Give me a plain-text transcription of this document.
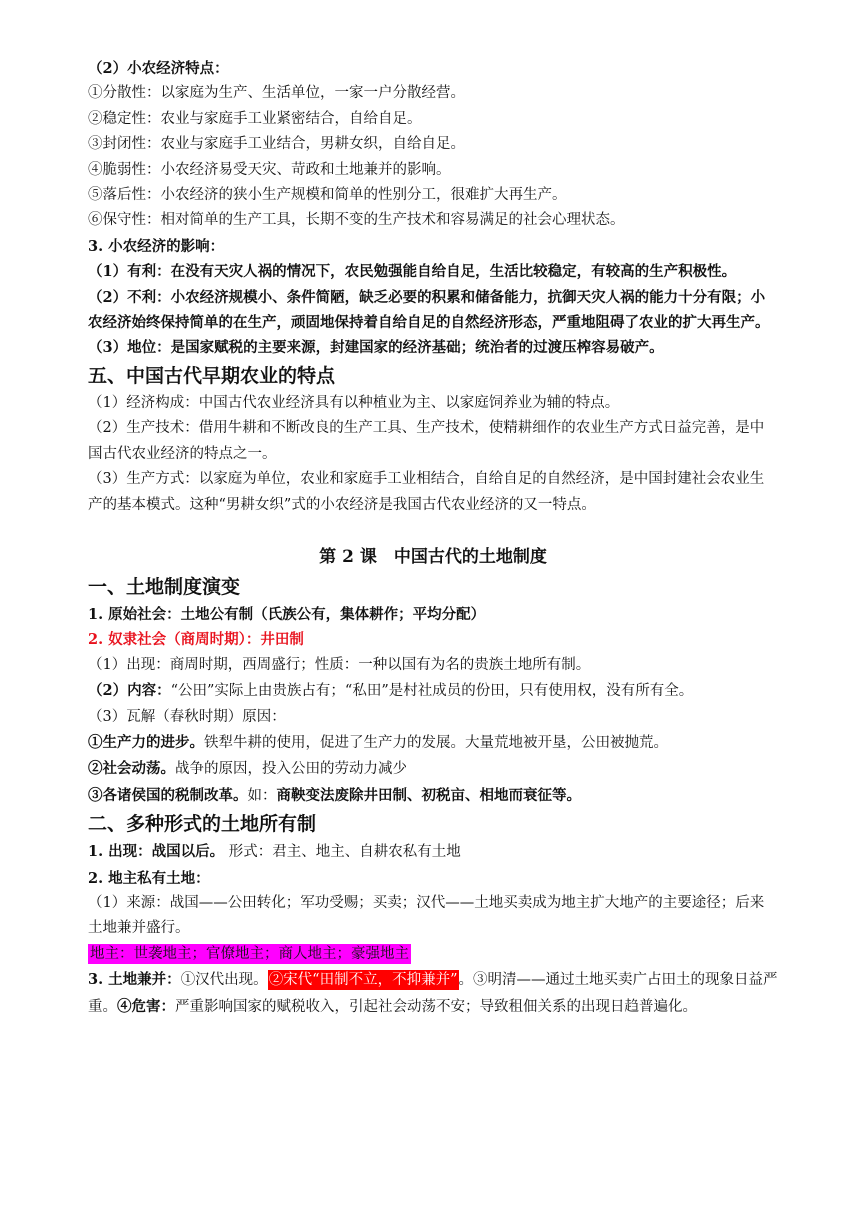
（2）小农经济特点：

①分散性：以家庭为生产、生活单位，一家一户分散经营。

②稳定性：农业与家庭手工业紧密结合，自给自足。

③封闭性：农业与家庭手工业结合，男耕女织，自给自足。

④脆弱性：小农经济易受天灾、苛政和土地兼并的影响。

⑤落后性：小农经济的狭小生产规模和简单的性别分工，很难扩大再生产。

⑥保守性：相对简单的生产工具，长期不变的生产技术和容易满足的社会心理状态。

3. 小农经济的影响：

（1）有利：在没有天灾人祸的情况下，农民勉强能自给自足，生活比较稳定，有较高的生产积极性。

（2）不利：小农经济规模小、条件简陋，缺乏必要的积累和储备能力，抗御天灾人祸的能力十分有限；小农经济始终保持简单的在生产，顽固地保持着自给自足的自然经济形态，严重地阻碍了农业的扩大再生产。

（3）地位：是国家赋税的主要来源，封建国家的经济基础；统治者的过渡压榨容易破产。

五、中国古代早期农业的特点

（1）经济构成：中国古代农业经济具有以种植业为主、以家庭饲养业为辅的特点。

（2）生产技术：借用牛耕和不断改良的生产工具、生产技术，使精耕细作的农业生产方式日益完善，是中国古代农业经济的特点之一。

（3）生产方式：以家庭为单位，农业和家庭手工业相结合，自给自足的自然经济，是中国封建社会农业生产的基本模式。这种“男耕女织”式的小农经济是我国古代农业经济的又一特点。

第 2 课　中国古代的土地制度

一、土地制度演变

1. 原始社会：土地公有制（氏族公有，集体耕作；平均分配）

2. 奴隶社会（商周时期）：井田制

（1）出现：商周时期，西周盛行；性质：一种以国有为名的贵族土地所有制。

（2）内容：“公田”实际上由贵族占有；“私田”是村社成员的份田，只有使用权，没有所有全。

（3）瓦解（春秋时期）原因：

①生产力的进步。铁犁牛耕的使用，促进了生产力的发展。大量荒地被开垦，公田被抛荒。

②社会动荡。战争的原因，投入公田的劳动力减少

③各诸侯国的税制改革。如：商鞅变法废除井田制、初税亩、相地而衰征等。

二、多种形式的土地所有制

1. 出现：战国以后。 形式：君主、地主、自耕农私有土地

2. 地主私有土地：

（1）来源：战国——公田转化；军功受赐；买卖；汉代——土地买卖成为地主扩大地产的主要途径；后来土地兼并盛行。

地主：世袭地主；官僚地主；商人地主；豪强地主

3. 土地兼并：①汉代出现。②宋代“田制不立，不抑兼并”。③明清——通过土地买卖广占田土的现象日益严重。④危害：严重影响国家的赋税收入，引起社会动荡不安；导致租佃关系的出现日趋普遍化。
